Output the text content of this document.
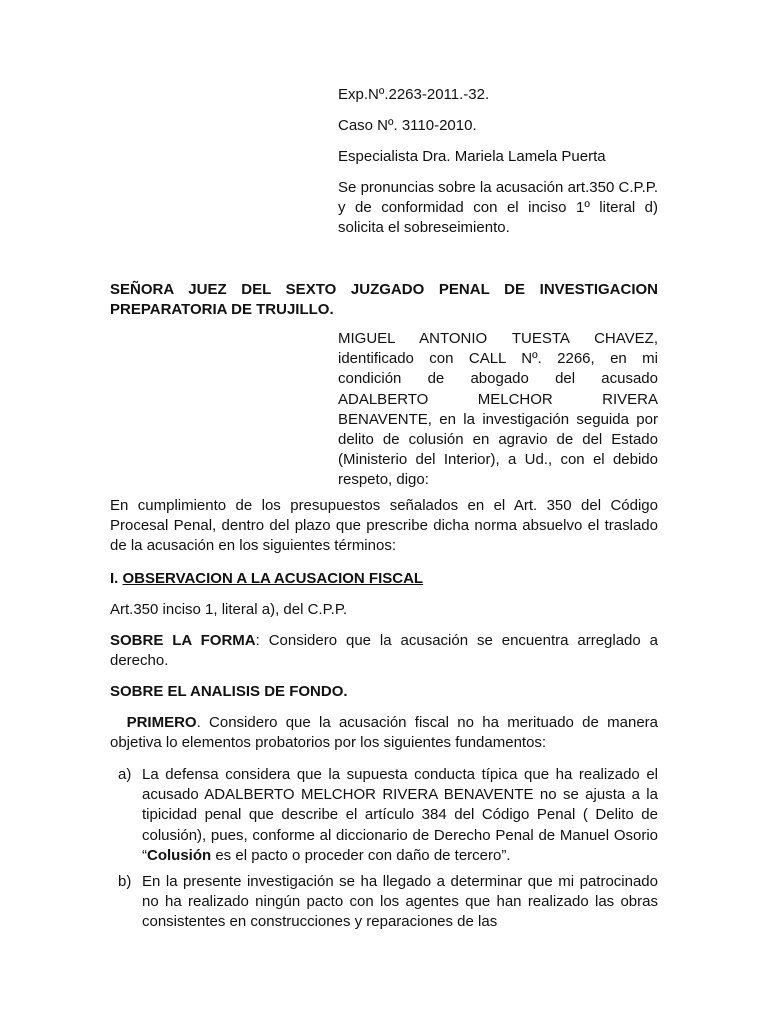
Exp.Nº.2263-2011.-32.

Caso Nº. 3110-2010.

Especialista Dra. Mariela Lamela Puerta

Se pronuncias sobre la acusación art.350 C.P.P. y de conformidad con el inciso 1º literal d) solicita el sobreseimiento.

SEÑORA JUEZ DEL SEXTO JUZGADO PENAL DE INVESTIGACION PREPARATORIA DE TRUJILLO.

MIGUEL ANTONIO TUESTA CHAVEZ, identificado con CALL Nº. 2266, en mi condición de abogado del acusado ADALBERTO MELCHOR RIVERA BENAVENTE, en la investigación seguida por delito de colusión en agravio de del Estado (Ministerio del Interior), a Ud., con el debido respeto, digo:

En cumplimiento de los presupuestos señalados en el Art. 350 del Código Procesal Penal, dentro del plazo que prescribe dicha norma absuelvo el traslado de la acusación en los siguientes términos:

I. OBSERVACION A LA ACUSACION FISCAL

Art.350 inciso 1, literal a), del C.P.P.

SOBRE LA FORMA: Considero que la acusación se encuentra arreglado a derecho.

SOBRE EL ANALISIS DE FONDO.

PRIMERO. Considero que la acusación fiscal no ha merituado de manera objetiva lo elementos probatorios por los siguientes fundamentos:

a) La defensa considera que la supuesta conducta típica que ha realizado el acusado ADALBERTO MELCHOR RIVERA BENAVENTE no se ajusta a la tipicidad penal que describe el artículo 384 del Código Penal ( Delito de colusión), pues, conforme al diccionario de Derecho Penal de Manuel Osorio “Colusión es el pacto o proceder con daño de tercero”.

b) En la presente investigación se ha llegado a determinar que mi patrocinado no ha realizado ningún pacto con los agentes que han realizado las obras consistentes en construcciones y reparaciones de las
